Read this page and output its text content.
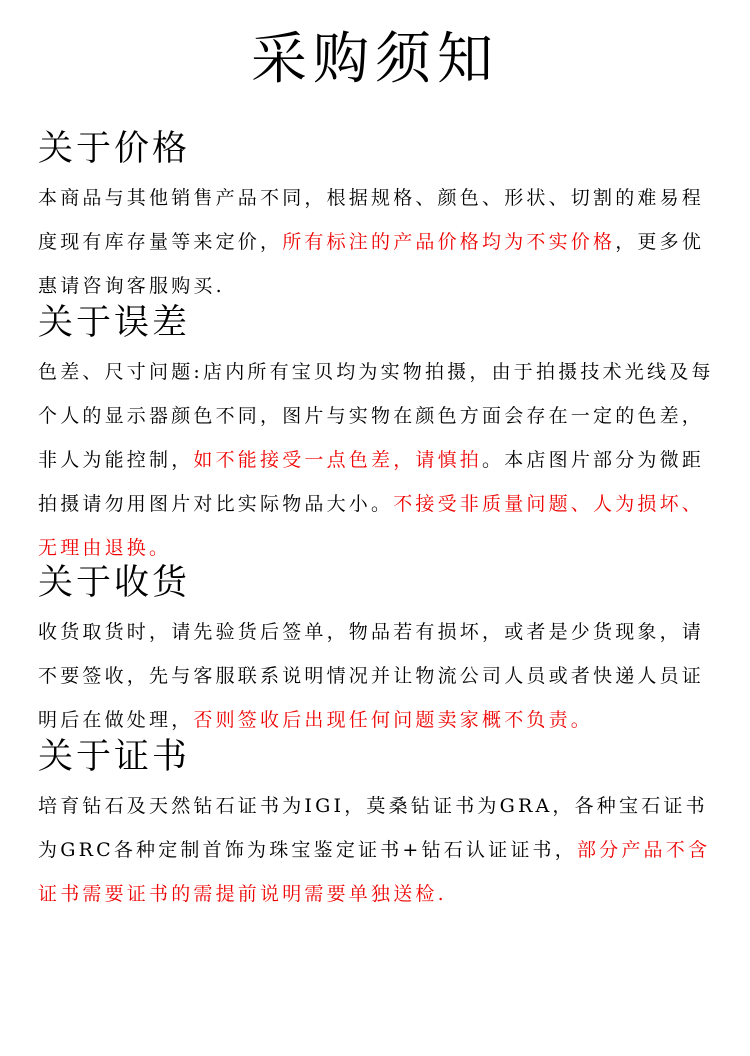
采购须知
关于价格

本商品与其他销售产品不同，根据规格、颜色、形状、切割的难易程度现有库存量等来定价，所有标注的产品价格均为不实价格，更多优惠请咨询客服购买.

关于误差

色差、尺寸问题:店内所有宝贝均为实物拍摄，由于拍摄技术光线及每个人的显示器颜色不同，图片与实物在颜色方面会存在一定的色差，非人为能控制，如不能接受一点色差，请慎拍。本店图片部分为微距拍摄请勿用图片对比实际物品大小。不接受非质量问题、人为损坏、无理由退换。

关于收货

收货取货时，请先验货后签单，物品若有损坏，或者是少货现象，请不要签收，先与客服联系说明情况并让物流公司人员或者快递人员证明后在做处理，否则签收后出现任何问题卖家概不负责。

关于证书

培育钻石及天然钻石证书为IGI，莫桑钻证书为GRA，各种宝石证书为GRC各种定制首饰为珠宝鉴定证书+钻石认证证书，部分产品不含证书需要证书的需提前说明需要单独送检.
